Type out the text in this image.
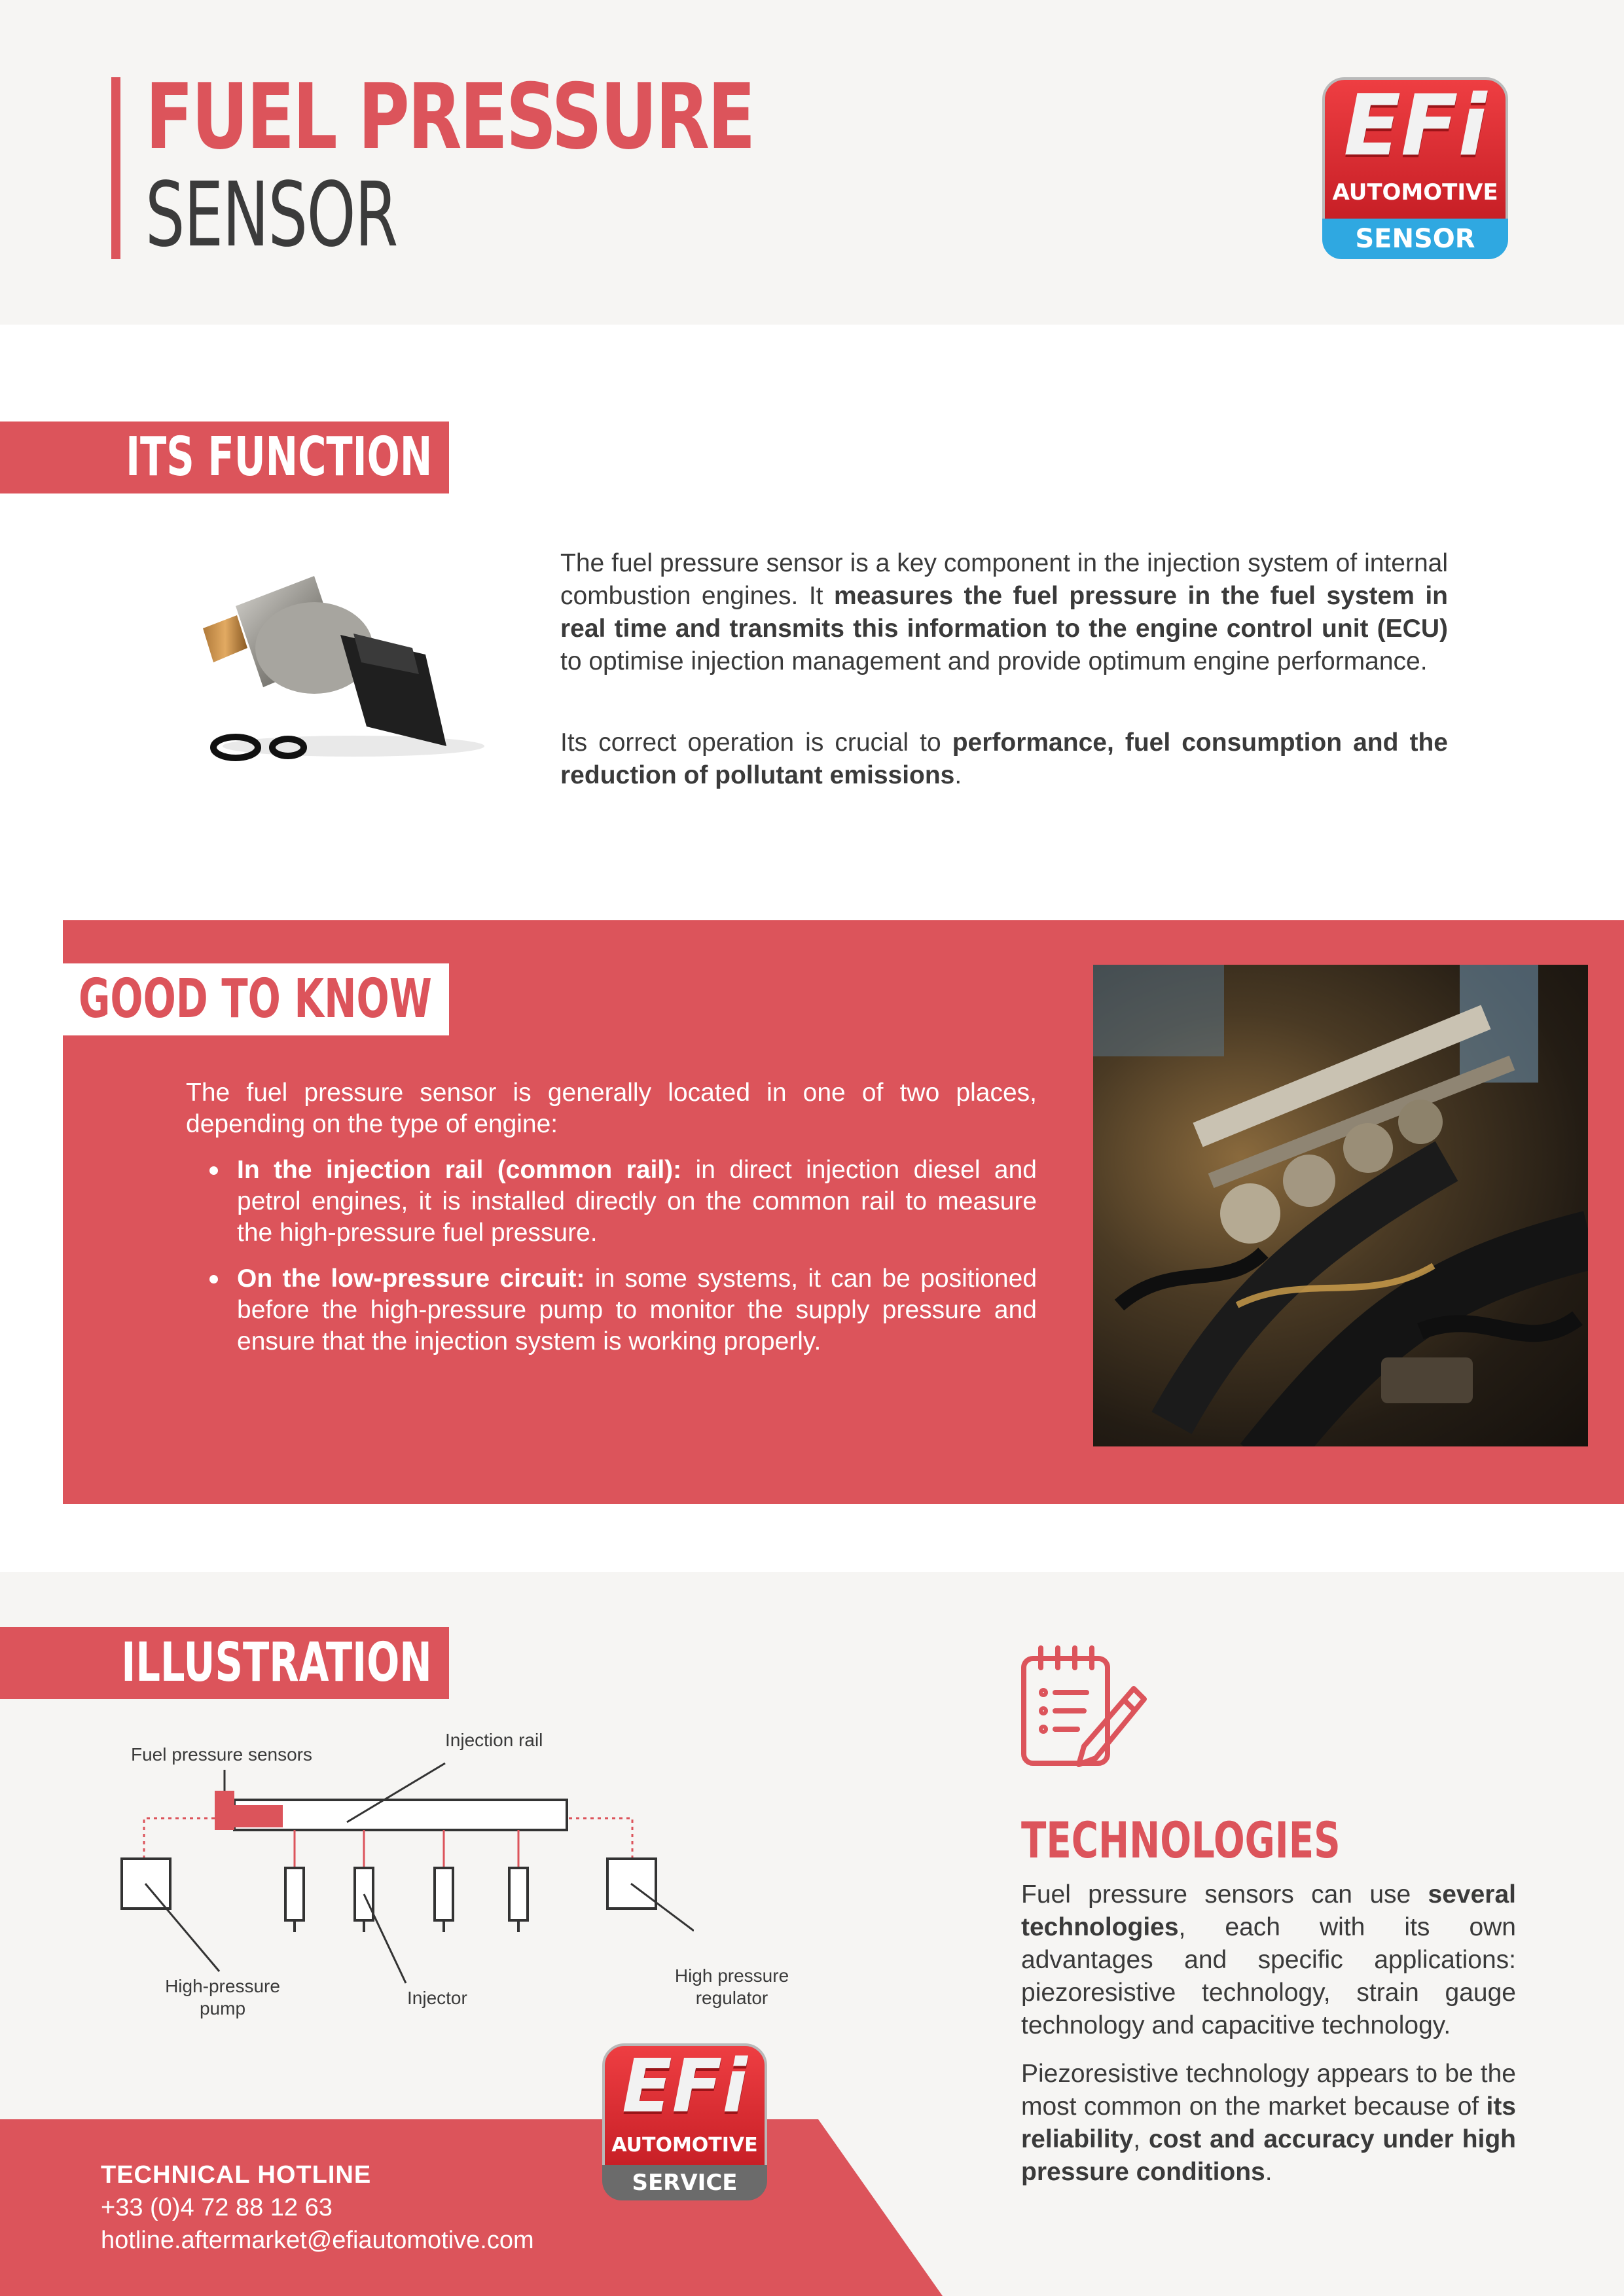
FUEL PRESSURE
SENSOR
EFi
AUTOMOTIVE
SENSOR
ITS FUNCTION

The fuel pressure sensor is a key component in the injection system of internal combustion engines. It measures the fuel pressure in the fuel system in real time and transmits this information to the engine control unit (ECU) to optimise injection management and provide optimum engine performance.

Its correct operation is crucial to performance, fuel consumption and the reduction of pollutant emissions.

GOOD TO KNOW

The fuel pressure sensor is generally located in one of two places, depending on the type of engine:

In the injection rail (common rail): in direct injection diesel and petrol engines, it is installed directly on the common rail to measure the high-pressure fuel pressure.
On the low-pressure circuit: in some systems, it can be positioned before the high-pressure pump to monitor the supply pressure and ensure that the injection system is working properly.
ILLUSTRATION
Fuel pressure sensors
Injection rail
High-pressure pump
Injector
High pressure regulator
TECHNOLOGIES

Fuel pressure sensors can use several technologies, each with its own advantages and specific applications: piezoresistive technology, strain gauge technology and capacitive technology.

Piezoresistive technology appears to be the most common on the market because of its reliability, cost and accuracy under high pressure conditions.

EFi
AUTOMOTIVE
SERVICE
TECHNICAL HOTLINE
+33 (0)4 72 88 12 63
hotline.aftermarket@efiautomotive.com
